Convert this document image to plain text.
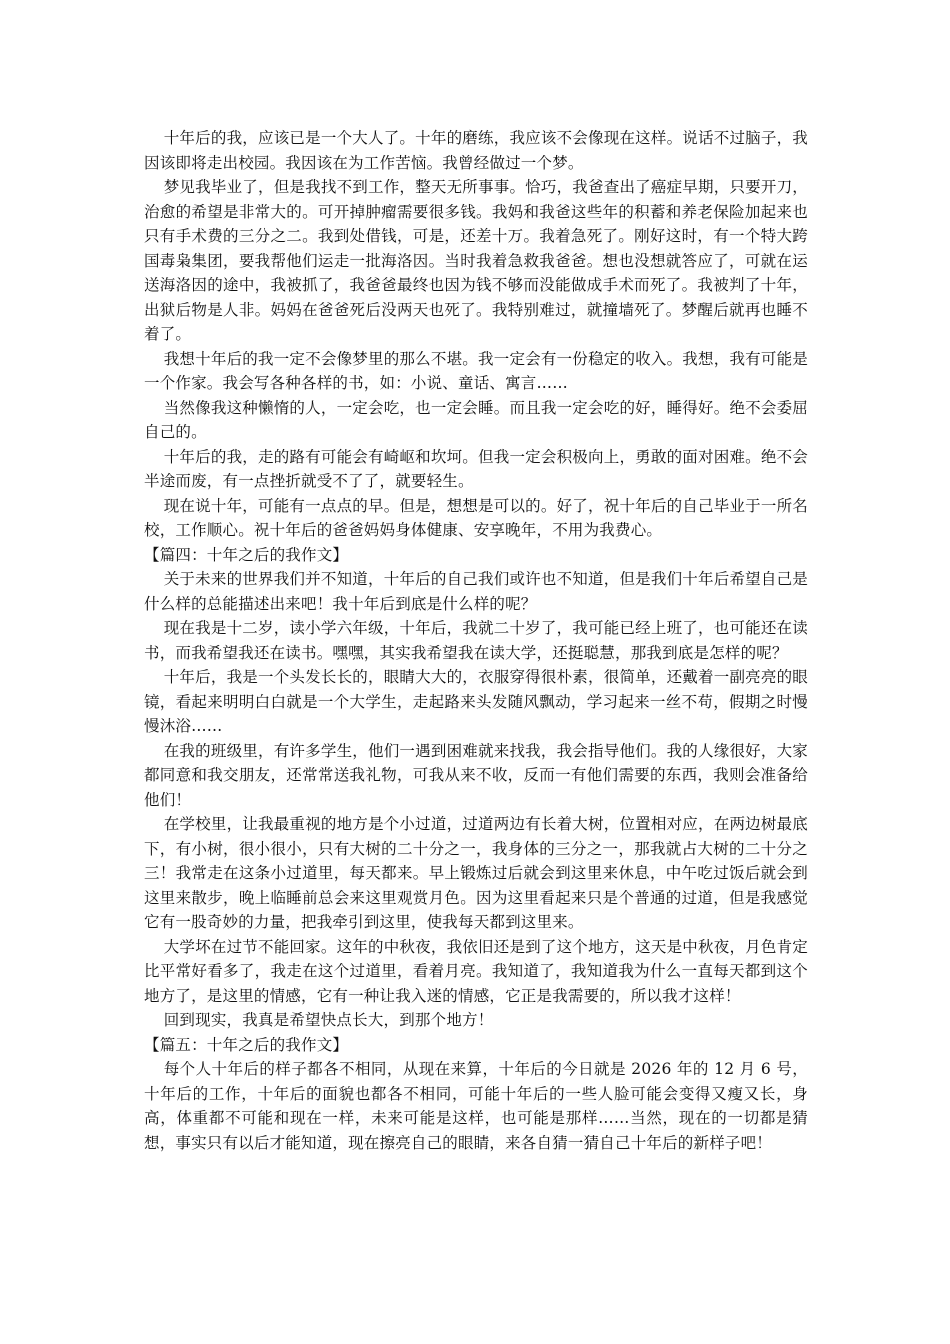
十年后的我，应该已是一个大人了。十年的磨练，我应该不会像现在这样。说话不过脑子，我因该即将走出校园。我因该在为工作苦恼。我曾经做过一个梦。

梦见我毕业了，但是我找不到工作，整天无所事事。恰巧，我爸查出了癌症早期，只要开刀，治愈的希望是非常大的。可开掉肿瘤需要很多钱。我妈和我爸这些年的积蓄和养老保险加起来也只有手术费的三分之二。我到处借钱，可是，还差十万。我着急死了。刚好这时，有一个特大跨国毒枭集团，要我帮他们运走一批海洛因。当时我着急救我爸爸。想也没想就答应了，可就在运送海洛因的途中，我被抓了，我爸爸最终也因为钱不够而没能做成手术而死了。我被判了十年，出狱后物是人非。妈妈在爸爸死后没两天也死了。我特别难过，就撞墙死了。梦醒后就再也睡不着了。

我想十年后的我一定不会像梦里的那么不堪。我一定会有一份稳定的收入。我想，我有可能是一个作家。我会写各种各样的书，如：小说、童话、寓言……

当然像我这种懒惰的人，一定会吃，也一定会睡。而且我一定会吃的好，睡得好。绝不会委屈自己的。

十年后的我，走的路有可能会有崎岖和坎坷。但我一定会积极向上，勇敢的面对困难。绝不会半途而废，有一点挫折就受不了了，就要轻生。

现在说十年，可能有一点点的早。但是，想想是可以的。好了，祝十年后的自己毕业于一所名校，工作顺心。祝十年后的爸爸妈妈身体健康、安享晚年，不用为我费心。

【篇四：十年之后的我作文】

关于未来的世界我们并不知道，十年后的自己我们或许也不知道，但是我们十年后希望自己是什么样的总能描述出来吧！我十年后到底是什么样的呢？

现在我是十二岁，读小学六年级，十年后，我就二十岁了，我可能已经上班了，也可能还在读书，而我希望我还在读书。嘿嘿，其实我希望我在读大学，还挺聪慧，那我到底是怎样的呢？

十年后，我是一个头发长长的，眼睛大大的，衣服穿得很朴素，很简单，还戴着一副亮亮的眼镜，看起来明明白白就是一个大学生，走起路来头发随风飘动，学习起来一丝不苟，假期之时慢慢沐浴……

在我的班级里，有许多学生，他们一遇到困难就来找我，我会指导他们。我的人缘很好，大家都同意和我交朋友，还常常送我礼物，可我从来不收，反而一有他们需要的东西，我则会准备给他们！

在学校里，让我最重视的地方是个小过道，过道两边有长着大树，位置相对应，在两边树最底下，有小树，很小很小，只有大树的二十分之一，我身体的三分之一，那我就占大树的二十分之三！我常走在这条小过道里，每天都来。早上锻炼过后就会到这里来休息，中午吃过饭后就会到这里来散步，晚上临睡前总会来这里观赏月色。因为这里看起来只是个普通的过道，但是我感觉它有一股奇妙的力量，把我牵引到这里，使我每天都到这里来。

大学坏在过节不能回家。这年的中秋夜，我依旧还是到了这个地方，这天是中秋夜，月色肯定比平常好看多了，我走在这个过道里，看着月亮。我知道了，我知道我为什么一直每天都到这个地方了，是这里的情感，它有一种让我入迷的情感，它正是我需要的，所以我才这样！

回到现实，我真是希望快点长大，到那个地方！

【篇五：十年之后的我作文】

每个人十年后的样子都各不相同，从现在来算，十年后的今日就是 2026 年的 12 月 6 号，十年后的工作，十年后的面貌也都各不相同，可能十年后的一些人脸可能会变得又瘦又长，身高，体重都不可能和现在一样，未来可能是这样，也可能是那样……当然，现在的一切都是猜想，事实只有以后才能知道，现在擦亮自己的眼睛，来各自猜一猜自己十年后的新样子吧！
